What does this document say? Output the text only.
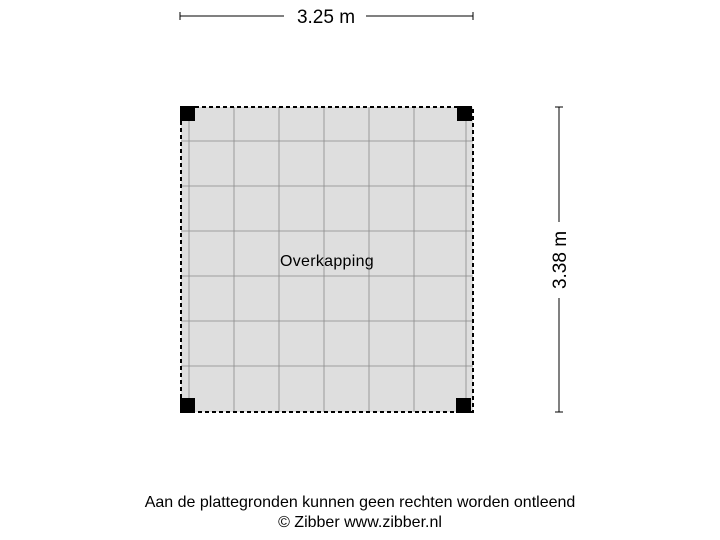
3.25 m
3.38 m
Overkapping
Aan de plattegronden kunnen geen rechten worden ontleend
© Zibber www.zibber.nl
